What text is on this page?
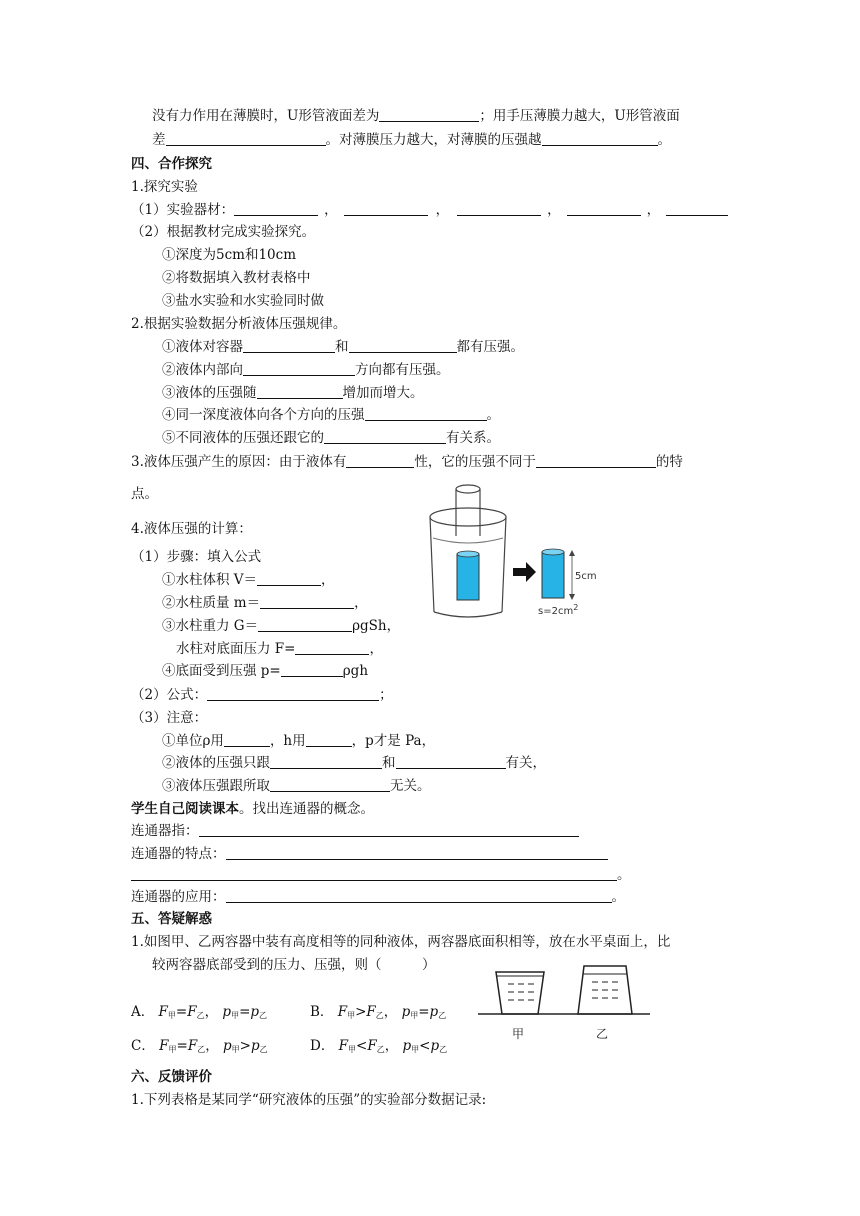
没有力作用在薄膜时，U形管液面差为	；用手压薄膜力越大，U形管液面
差	。对薄膜压力越大，对薄膜的压强越	。
四、合作探究
1.探究实验
（1）实验器材：	，	，	，	，
（2）根据教材完成实验探究。
①深度为5cm和10cm
②将数据填入教材表格中
③盐水实验和水实验同时做
2.根据实验数据分析液体压强规律。
①液体对容器	和	都有压强。
②液体内部向	方向都有压强。
③液体的压强随	增加而增大。
④同一深度液体向各个方向的压强	。
⑤不同液体的压强还跟它的	有关系。
3.液体压强产生的原因：由于液体有	性，它的压强不同于	的特
点。
4.液体压强的计算：
（1）步骤：填入公式
①水柱体积 V＝	，
②水柱质量 m＝	，
③水柱重力 G＝	ρgSh，
水柱对底面压力 F=	，
④底面受到压强 p=	ρgh
（2）公式：	；
（3）注意：
①单位ρ用	，h用	，p才是 Pa，
②液体的压强只跟	和	有关，
③液体压强跟所取	无关。
5cm
$s=2cm^2$
学生自己阅读课本。找出连通器的概念。
连通器指：
连通器的特点：
。
连通器的应用：	。
五、答疑解惑
1.如图甲、乙两容器中装有高度相等的同种液体，两容器底面积相等，放在水平桌面上，比
较两容器底部受到的压力、压强，则（　　　）
A． $F_甲=F_乙$， $p_甲=p_乙$	B． $F_甲>F_乙$， $p_甲=p_乙$
C． $F_甲=F_乙$， $p_甲>p_乙$	D． $F_甲<F_乙$， $p_甲<p_乙$
甲	乙
六、反馈评价
1.下列表格是某同学“研究液体的压强”的实验部分数据记录:
